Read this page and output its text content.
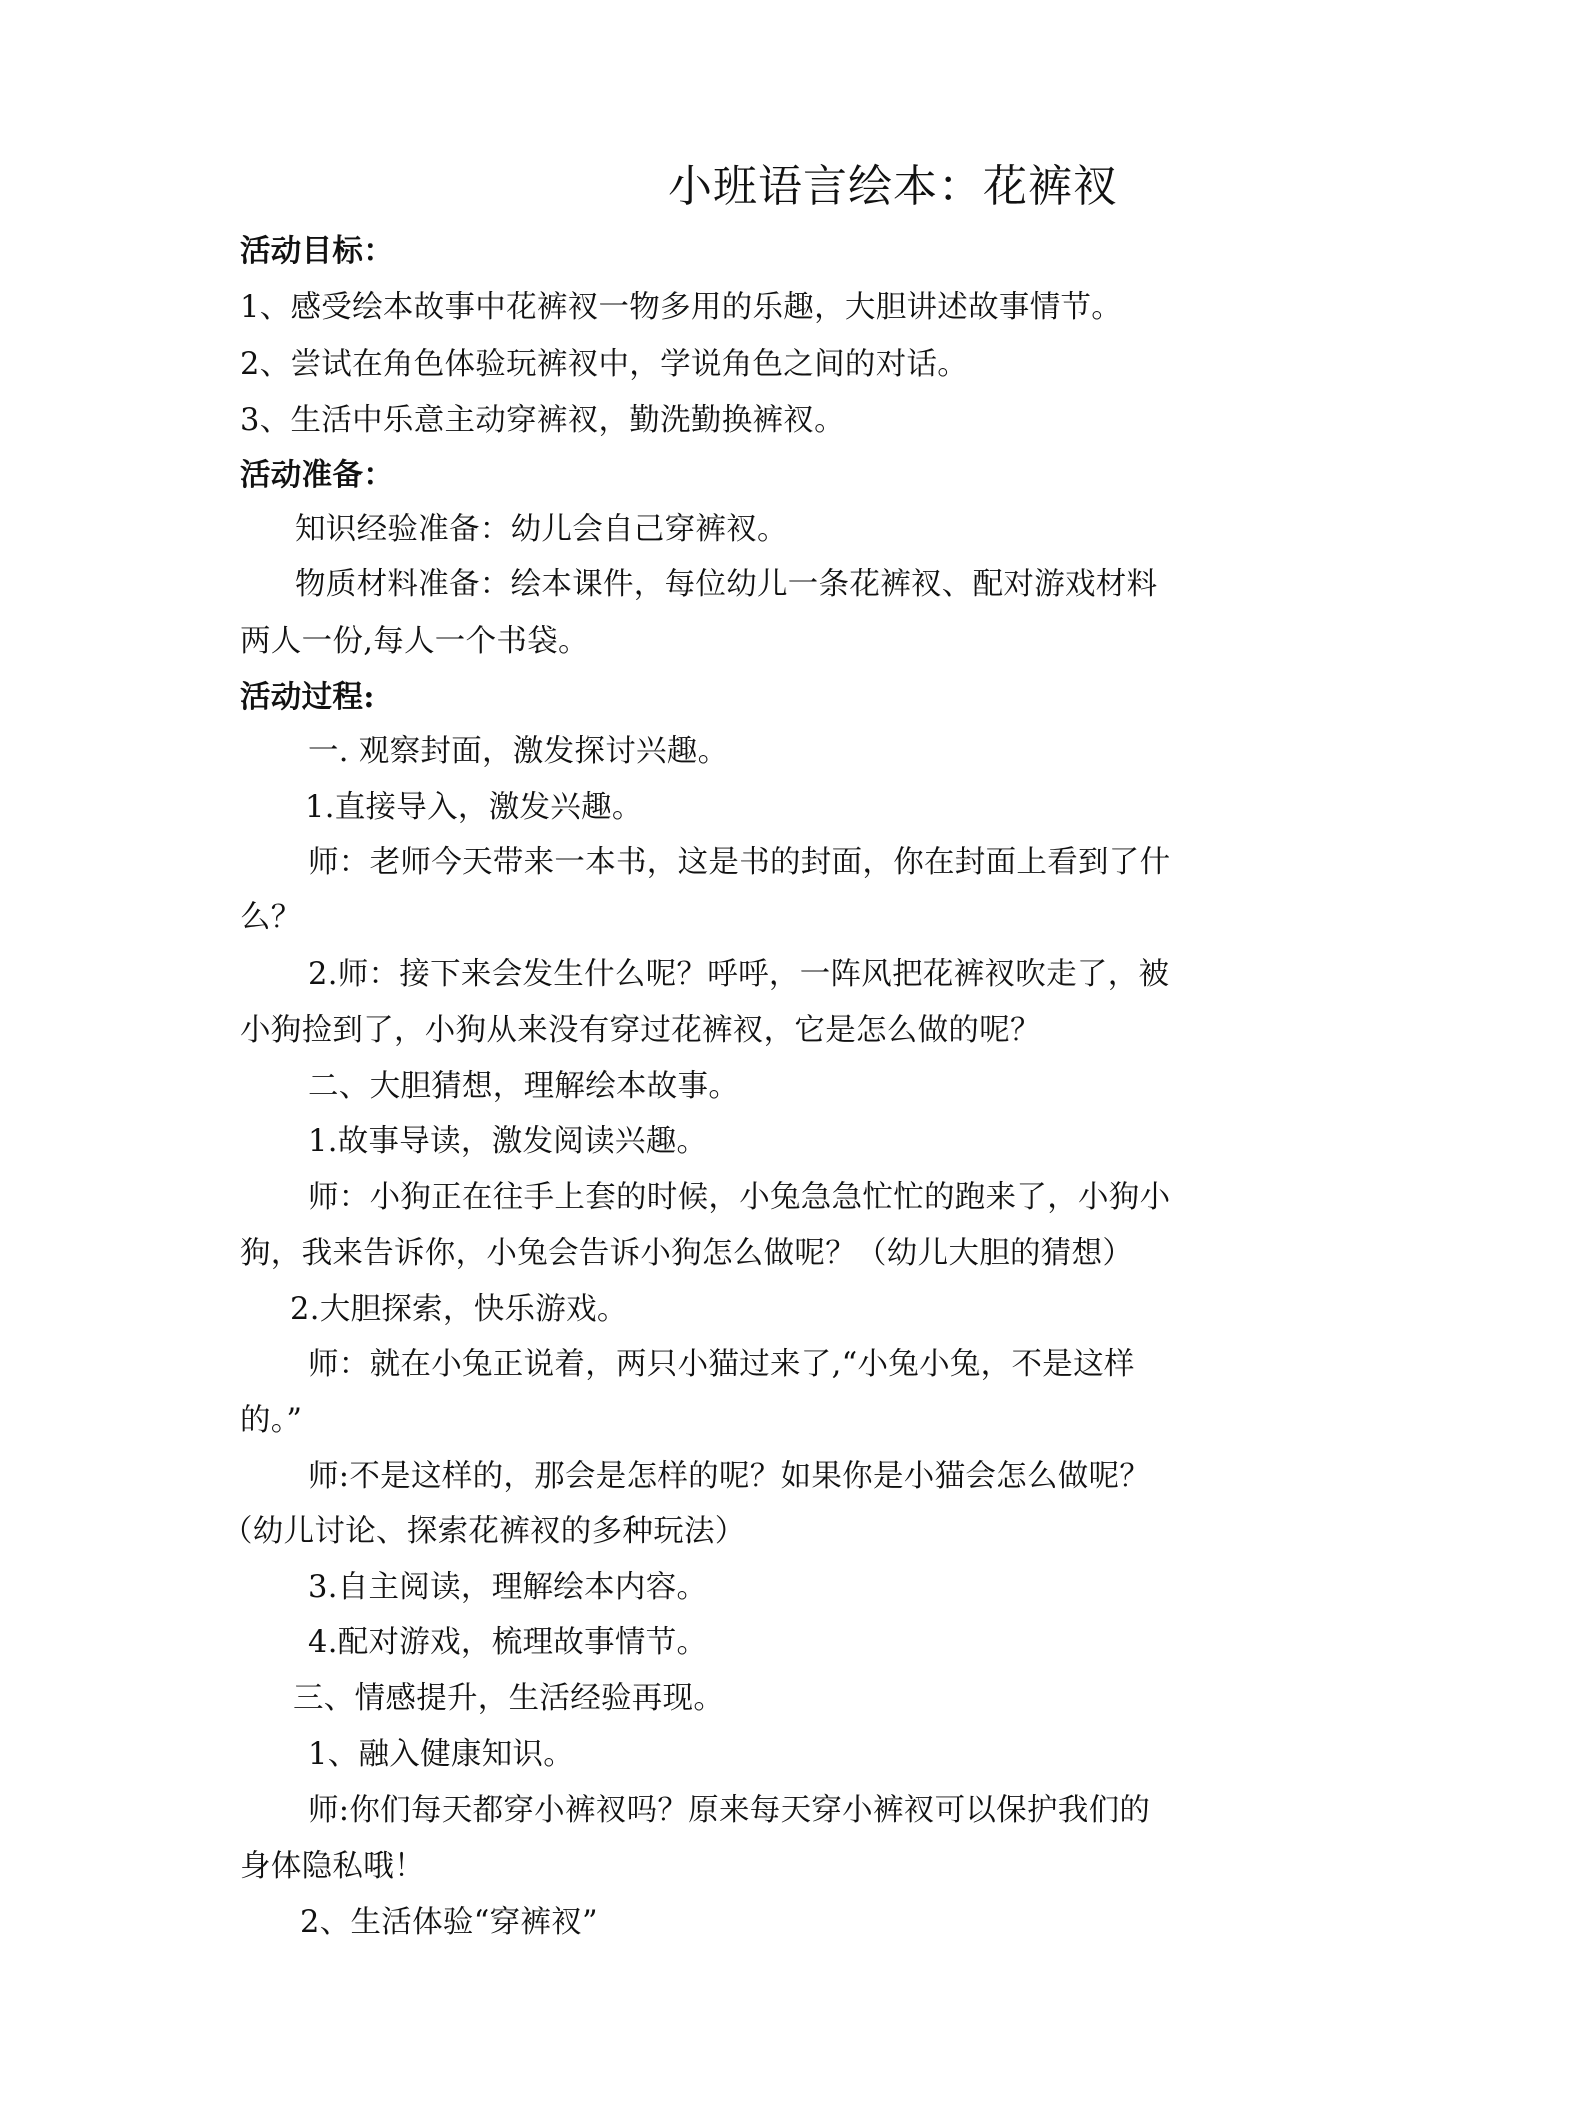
小班语言绘本：花裤衩
活动目标：
1、感受绘本故事中花裤衩一物多用的乐趣，大胆讲述故事情节。
2、尝试在角色体验玩裤衩中，学说角色之间的对话。
3、生活中乐意主动穿裤衩，勤洗勤换裤衩。
活动准备：
知识经验准备：幼儿会自己穿裤衩。
物质材料准备：绘本课件，每位幼儿一条花裤衩、配对游戏材料
两人一份,每人一个书袋。
活动过程:
一. 观察封面，激发探讨兴趣。
1.直接导入，激发兴趣。
师：老师今天带来一本书，这是书的封面，你在封面上看到了什
么？
2.师：接下来会发生什么呢？呼呼，一阵风把花裤衩吹走了，被
小狗捡到了，小狗从来没有穿过花裤衩，它是怎么做的呢？
二、大胆猜想，理解绘本故事。
1.故事导读，激发阅读兴趣。
师：小狗正在往手上套的时候，小兔急急忙忙的跑来了，小狗小
狗，我来告诉你，小兔会告诉小狗怎么做呢？（幼儿大胆的猜想）
2.大胆探索，快乐游戏。
师：就在小兔正说着，两只小猫过来了,“小兔小兔，不是这样
的。”
师:不是这样的，那会是怎样的呢？如果你是小猫会怎么做呢？
（幼儿讨论、探索花裤衩的多种玩法）
3.自主阅读，理解绘本内容。
4.配对游戏，梳理故事情节。
三、情感提升，生活经验再现。
1、融入健康知识。
师:你们每天都穿小裤衩吗？原来每天穿小裤衩可以保护我们的
身体隐私哦！
2、生活体验“穿裤衩”
